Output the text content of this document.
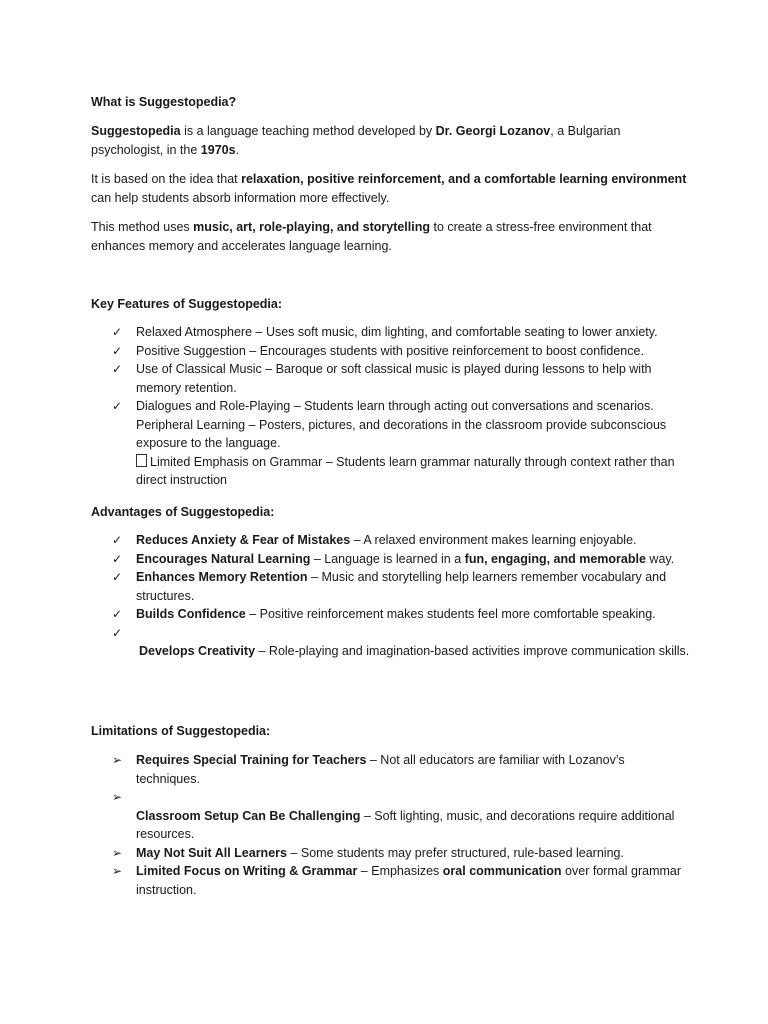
What is Suggestopedia?

Suggestopedia is a language teaching method developed by Dr. Georgi Lozanov, a Bulgarian psychologist, in the 1970s.

It is based on the idea that relaxation, positive reinforcement, and a comfortable learning environment can help students absorb information more effectively.

This method uses music, art, role-playing, and storytelling to create a stress-free environment that enhances memory and accelerates language learning.

Key Features of Suggestopedia:

✓
Relaxed Atmosphere – Uses soft music, dim lighting, and comfortable seating to lower anxiety.
✓
Positive Suggestion – Encourages students with positive reinforcement to boost confidence.
✓
Use of Classical Music – Baroque or soft classical music is played during lessons to help with memory retention.
✓
Dialogues and Role-Playing – Students learn through acting out conversations and scenarios.
Peripheral Learning – Posters, pictures, and decorations in the classroom provide subconscious exposure to the language.
Limited Emphasis on Grammar – Students learn grammar naturally through context rather than direct instruction

Advantages of Suggestopedia:

✓
Reduces Anxiety & Fear of Mistakes – A relaxed environment makes learning enjoyable.
✓
Encourages Natural Learning – Language is learned in a fun, engaging, and memorable way.
✓
Enhances Memory Retention – Music and storytelling help learners remember vocabulary and structures.
✓
Builds Confidence – Positive reinforcement makes students feel more comfortable speaking.
✓
Develops Creativity – Role-playing and imagination-based activities improve communication skills.

Limitations of Suggestopedia:

➢
Requires Special Training for Teachers – Not all educators are familiar with Lozanov’s techniques.
➢
Classroom Setup Can Be Challenging – Soft lighting, music, and decorations require additional resources.
➢
May Not Suit All Learners – Some students may prefer structured, rule-based learning.
➢
Limited Focus on Writing & Grammar – Emphasizes oral communication over formal grammar instruction.
